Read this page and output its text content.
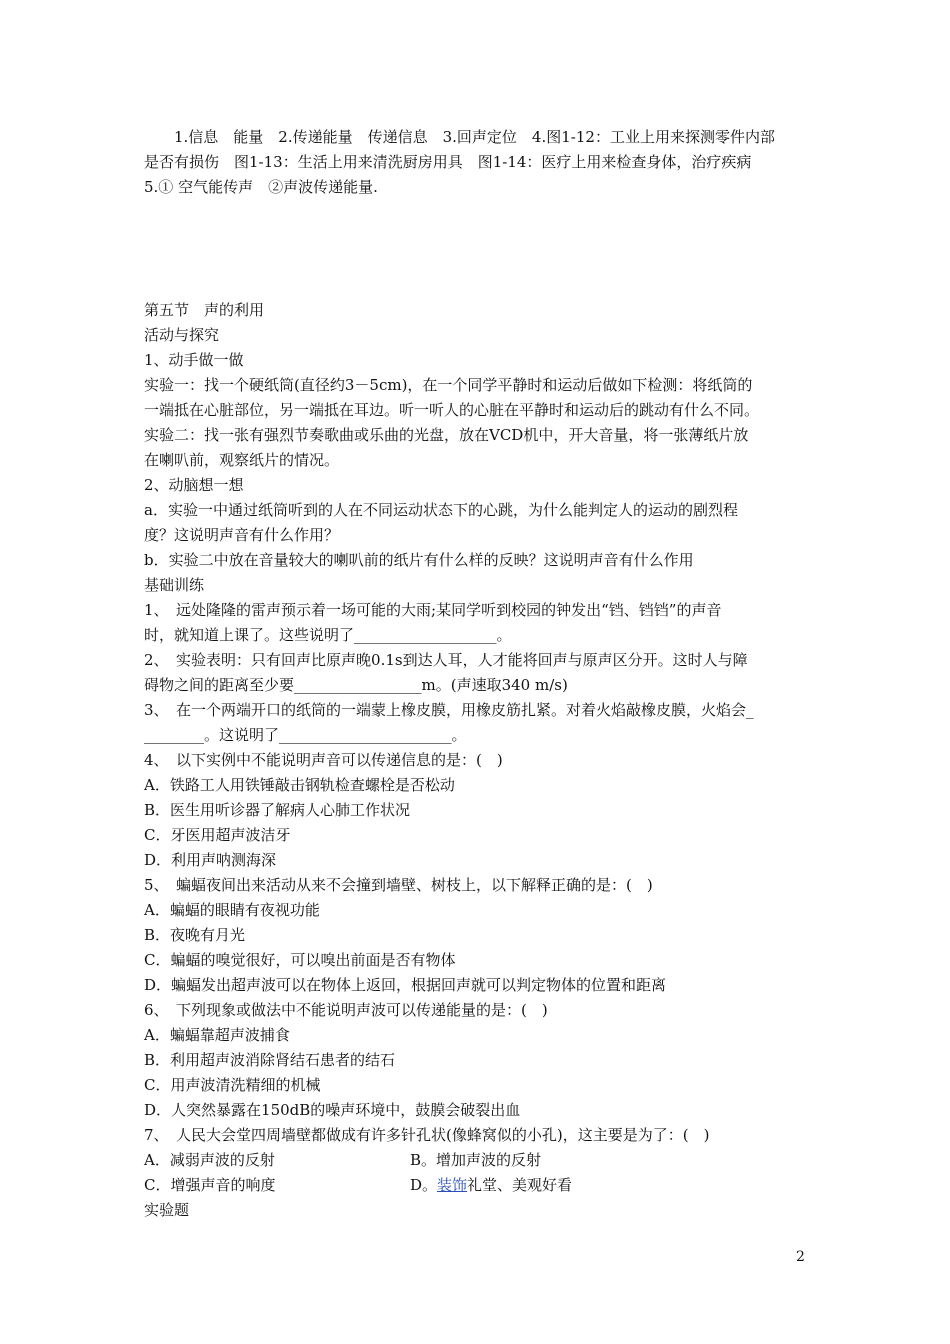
1.信息　能量　2.传递能量　传递信息　3.回声定位　4.图1-12：工业上用来探测零件内部

是否有损伤　图1-13：生活上用来清洗厨房用具　图1-14：医疗上用来检查身体，治疗疾病

5.① 空气能传声　②声波传递能量.

第五节　声的利用

活动与探究

1、动手做一做

实验一：找一个硬纸筒(直径约3－5cm)，在一个同学平静时和运动后做如下检测：将纸筒的

一端抵在心脏部位，另一端抵在耳边。听一听人的心脏在平静时和运动后的跳动有什么不同。

实验二：找一张有强烈节奏歌曲或乐曲的光盘，放在VCD机中，开大音量，将一张薄纸片放

在喇叭前，观察纸片的情况。

2、动脑想一想

a．实验一中通过纸筒听到的人在不同运动状态下的心跳，为什么能判定人的运动的剧烈程

度？这说明声音有什么作用？

b．实验二中放在音量较大的喇叭前的纸片有什么样的反映？这说明声音有什么作用

基础训练

1、　远处隆隆的雷声预示着一场可能的大雨;某同学听到校园的钟发出“铛、铛铛”的声音

时，就知道上课了。这些说明了___________________。

2、　实验表明：只有回声比原声晚0.1s到达人耳，人才能将回声与原声区分开。这时人与障

碍物之间的距离至少要_________________m。(声速取340 m/s)

3、　在一个两端开口的纸筒的一端蒙上橡皮膜，用橡皮筋扎紧。对着火焰敲橡皮膜，火焰会_

________。这说明了_______________________。

4、　以下实例中不能说明声音可以传递信息的是：(　)

A．铁路工人用铁锤敲击钢轨检查螺栓是否松动

B．医生用听诊器了解病人心肺工作状况

C．牙医用超声波洁牙

D．利用声呐测海深

5、　蝙蝠夜间出来活动从来不会撞到墙壁、树枝上，以下解释正确的是：(　)

A．蝙蝠的眼睛有夜视功能

B．夜晚有月光

C．蝙蝠的嗅觉很好，可以嗅出前面是否有物体

D．蝙蝠发出超声波可以在物体上返回，根据回声就可以判定物体的位置和距离

6、　下列现象或做法中不能说明声波可以传递能量的是：(　)

A．蝙蝠靠超声波捕食

B．利用超声波消除肾结石患者的结石

C．用声波清洗精细的机械

D．人突然暴露在150dB的噪声环境中，鼓膜会破裂出血

7、　人民大会堂四周墙壁都做成有许多针孔状(像蜂窝似的小孔)，这主要是为了：(　)

A．减弱声波的反射	B。增加声波的反射
C．增强声音的响度	D。装饰礼堂、美观好看

实验题

2
